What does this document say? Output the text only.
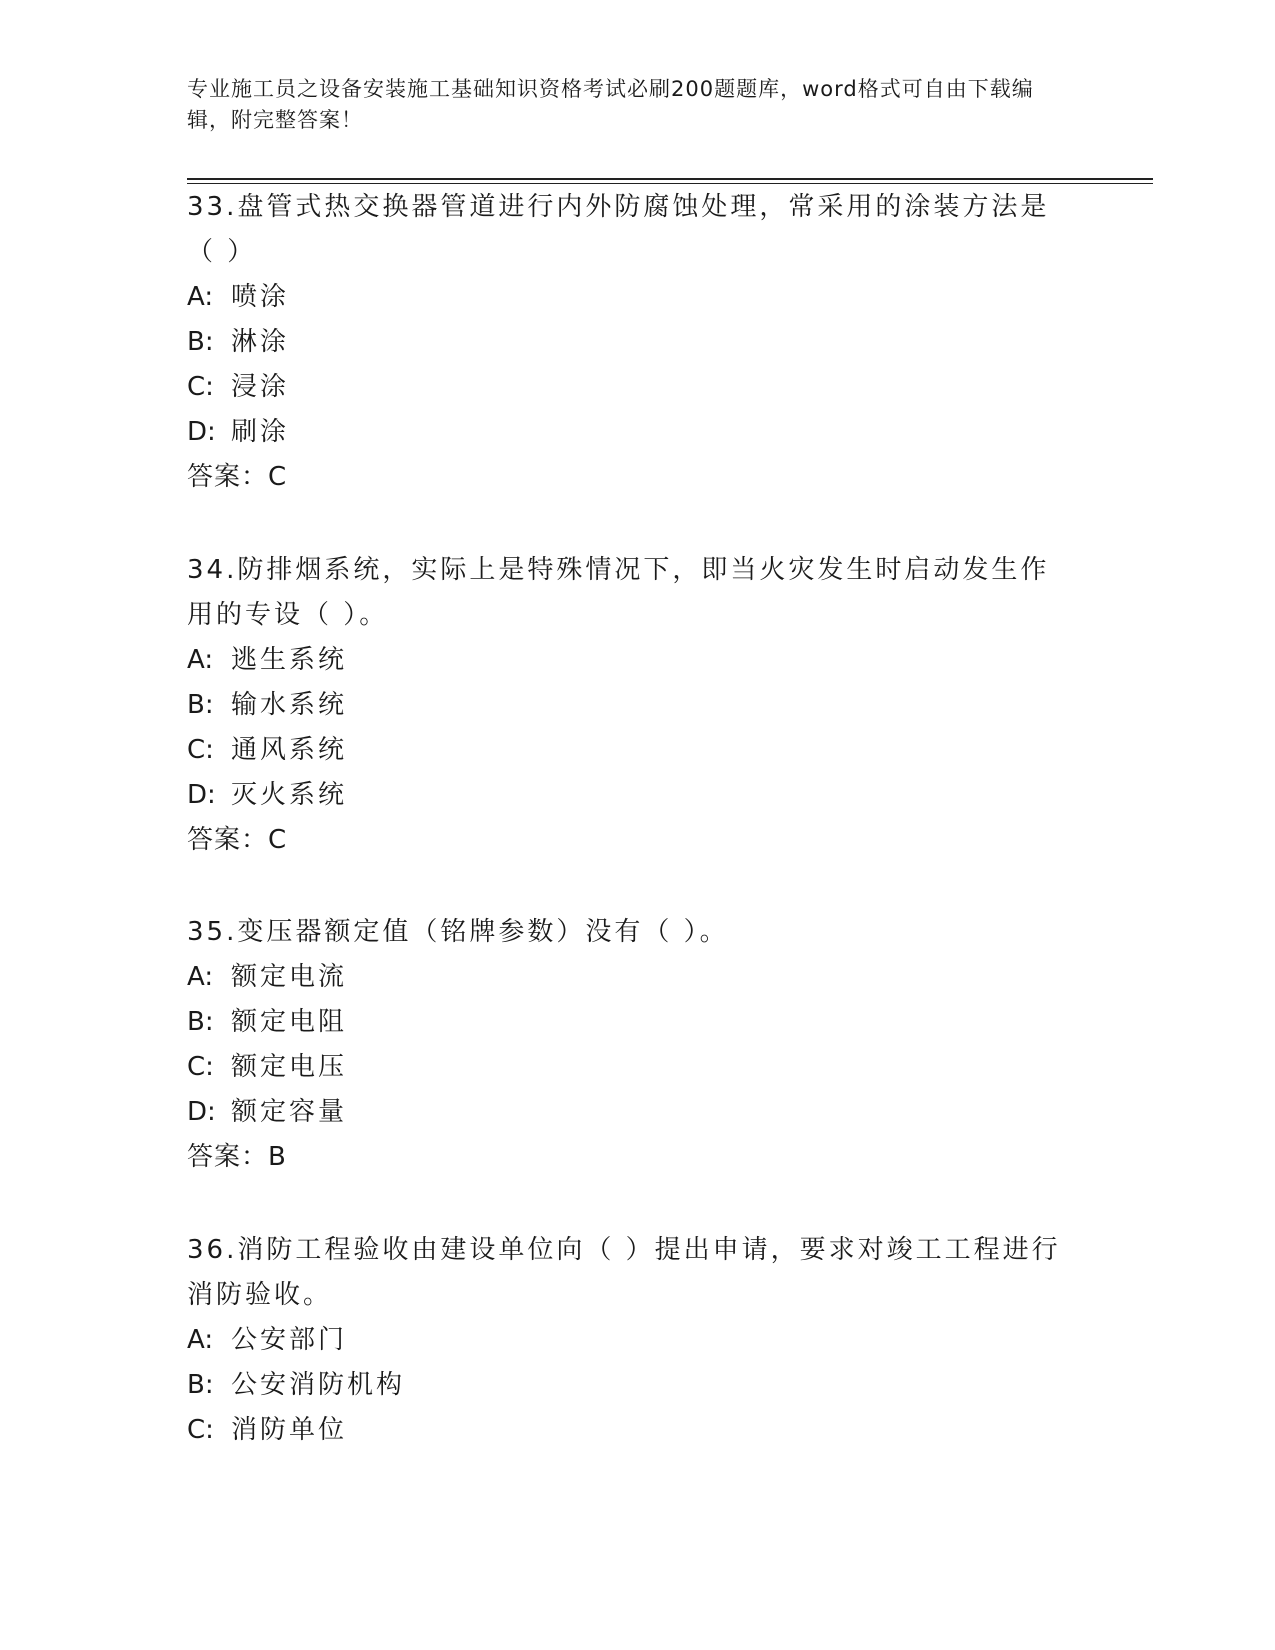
专业施工员之设备安装施工基础知识资格考试必刷200题题库，word格式可自由下载编辑，附完整答案！

33.盘管式热交换器管道进行内外防腐蚀处理，常采用的涂装方法是（ ）

A: 喷涂
B: 淋涂
C: 浸涂
D: 刷涂
答案：C

34.防排烟系统，实际上是特殊情况下，即当火灾发生时启动发生作用的专设（ ）。

A: 逃生系统
B: 输水系统
C: 通风系统
D: 灭火系统
答案：C

35.变压器额定值（铭牌参数）没有（ ）。

A: 额定电流
B: 额定电阻
C: 额定电压
D: 额定容量
答案：B

36.消防工程验收由建设单位向（ ）提出申请，要求对竣工工程进行消防验收。

A: 公安部门
B: 公安消防机构
C: 消防单位
